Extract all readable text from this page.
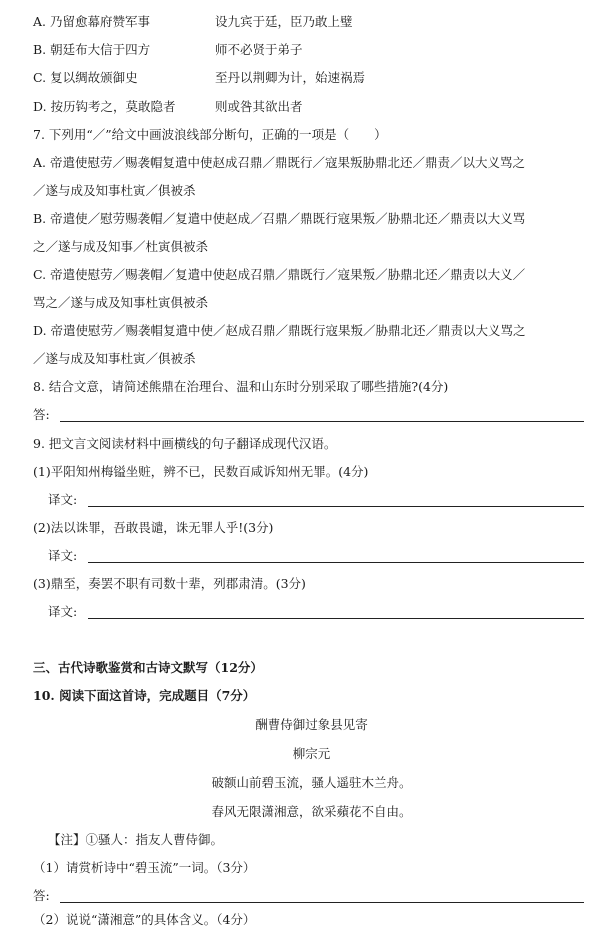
A. 乃留愈幕府赞军事	设九宾于廷，臣乃敢上璧
B. 朝廷布大信于四方	师不必贤于弟子
C. 复以绸故颁御史	至丹以荆卿为计，始速祸焉
D. 按历钩考之，莫敢隐者	则或咎其欲出者
7. 下列用“／”给文中画波浪线部分断句，正确的一项是（　　）
A. 帝遣使慰劳／赐袭帽复遣中使赵成召鼎／鼎既行／寇果叛胁鼎北还／鼎责／以大义骂之
／遂与成及知事杜寅／俱被杀
B. 帝遣使／慰劳赐袭帽／复遣中使赵成／召鼎／鼎既行寇果叛／胁鼎北还／鼎责以大义骂
之／遂与成及知事／杜寅俱被杀
C. 帝遣使慰劳／赐袭帽／复遣中使赵成召鼎／鼎既行／寇果叛／胁鼎北还／鼎责以大义／
骂之／遂与成及知事杜寅俱被杀
D. 帝遣使慰劳／赐袭帽复遣中使／赵成召鼎／鼎既行寇果叛／胁鼎北还／鼎责以大义骂之
／遂与成及知事杜寅／俱被杀
8. 结合文意，请简述熊鼎在治理台、温和山东时分别采取了哪些措施?(4分)
答:
9. 把文言文阅读材料中画横线的句子翻译成现代汉语。
(1)平阳知州梅镒坐赃，辨不已，民数百咸诉知州无罪。(4分)
译文:
(2)法以诛罪，吾敢畏谴，诛无罪人乎!(3分)
译文:
(3)鼎至，奏罢不职有司数十辈，列郡肃清。(3分)
译文:
三、古代诗歌鉴赏和古诗文默写（12分）
10. 阅读下面这首诗，完成题目（7分）
酬曹侍御过象县见寄
柳宗元
破额山前碧玉流，骚人遥驻木兰舟。
春风无限潇湘意，欲采蘋花不自由。
【注】①骚人：指友人曹侍御。
（1）请赏析诗中“碧玉流”一词。（3分）
答:
（2）说说“潇湘意”的具体含义。（4分）
